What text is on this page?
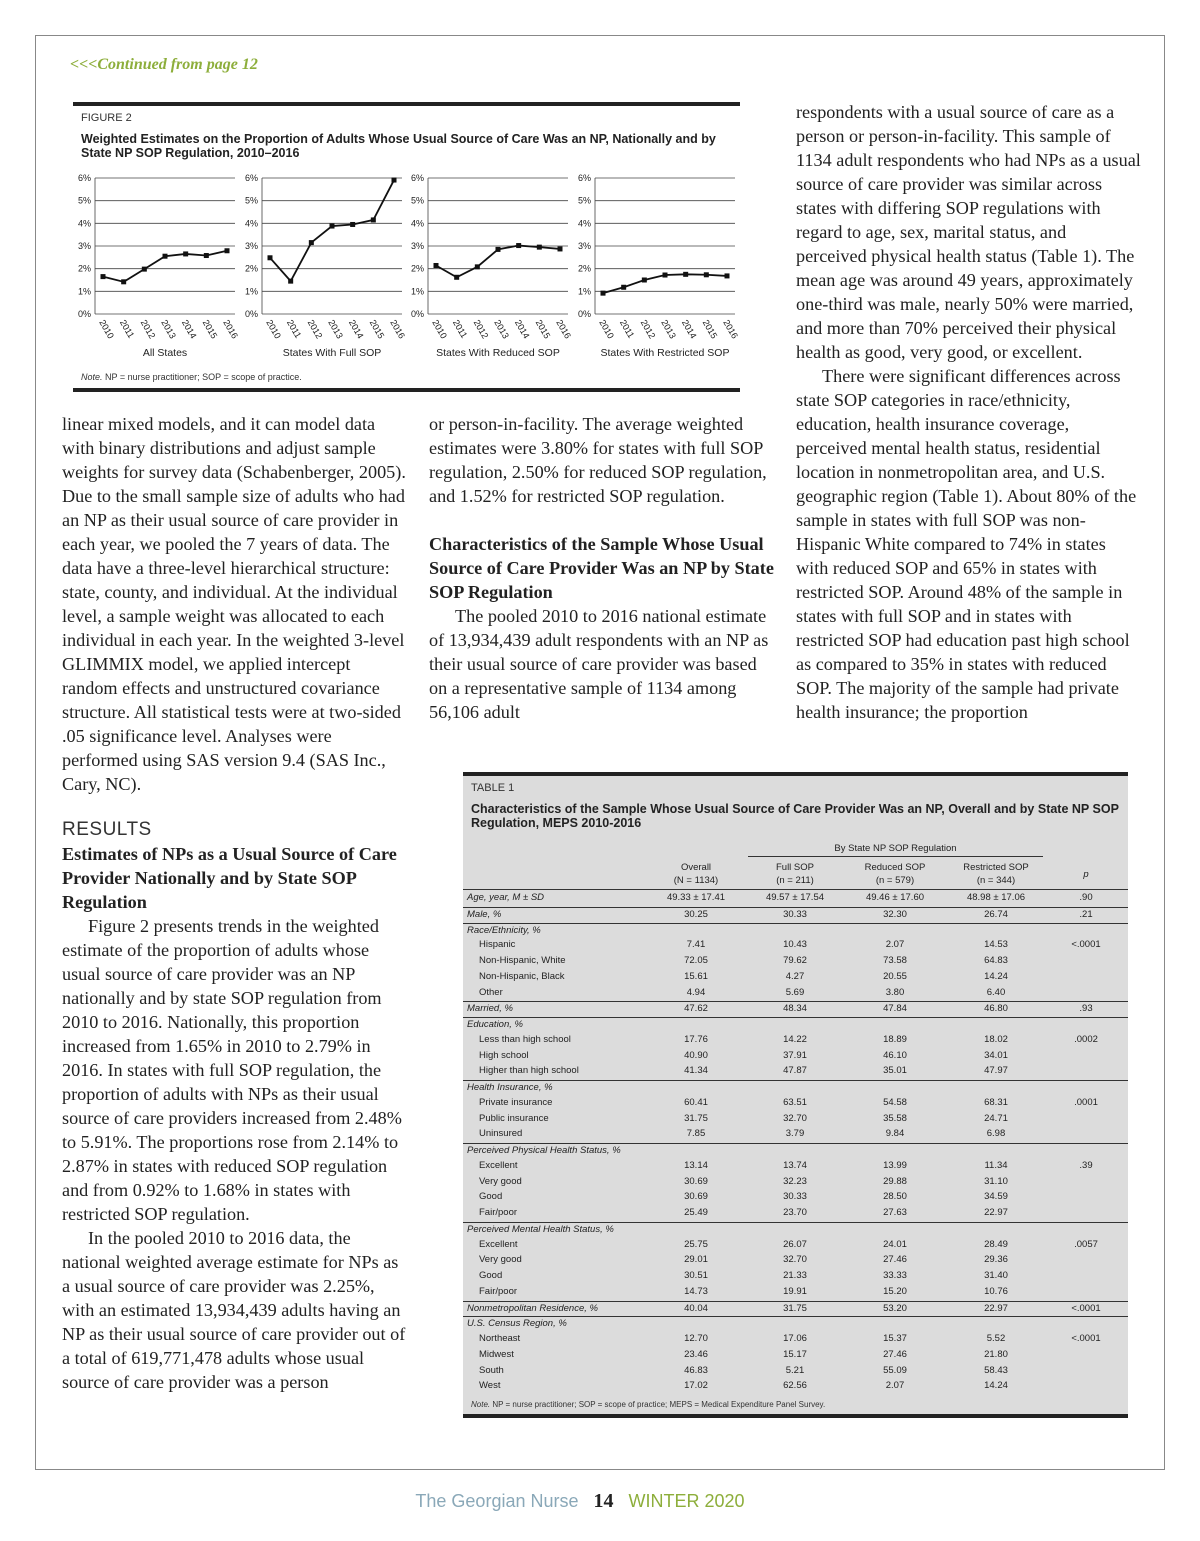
<<<Continued from page 12
FIGURE 2
Weighted Estimates on the Proportion of Adults Whose Usual Source of Care Was an NP, Nationally and by State NP SOP Regulation, 2010–2016
0%
1%
2%
3%
4%
5%
6%
2010 2011 2012 2013 2014 2015 2016
All States
0%
1%
2%
3%
4%
5%
6%
2010 2011 2012 2013 2014 2015 2016
States With Full SOP
0%
1%
2%
3%
4%
5%
6%
2010 2011 2012 2013 2014 2015 2016
States With Reduced SOP
0%
1%
2%
3%
4%
5%
6%
2010 2011 2012 2013 2014 2015 2016
States With Restricted SOP
Note. NP = nurse practitioner; SOP = scope of practice.

linear mixed models, and it can model data with binary distributions and adjust sample weights for survey data (Schabenberger, 2005). Due to the small sample size of adults who had an NP as their usual source of care provider in each year, we pooled the 7 years of data. The data have a three-level hierarchical structure: state, county, and individual. At the individual level, a sample weight was allocated to each individual in each year. In the weighted 3-level GLIMMIX model, we applied intercept random effects and unstructured covariance structure. All statistical tests were at two-sided .05 significance level. Analyses were performed using SAS version 9.4 (SAS Inc., Cary, NC).

RESULTS
Estimates of NPs as a Usual Source of Care Provider Nationally and by State SOP Regulation

Figure 2 presents trends in the weighted estimate of the proportion of adults whose usual source of care provider was an NP nationally and by state SOP regulation from 2010 to 2016. Nationally, this proportion increased from 1.65% in 2010 to 2.79% in 2016. In states with full SOP regulation, the proportion of adults with NPs as their usual source of care providers increased from 2.48% to 5.91%. The proportions rose from 2.14% to 2.87% in states with reduced SOP regulation and from 0.92% to 1.68% in states with restricted SOP regulation.

In the pooled 2010 to 2016 data, the national weighted average estimate for NPs as a usual source of care provider was 2.25%, with an estimated 13,934,439 adults having an NP as their usual source of care provider out of a total of 619,771,478 adults whose usual source of care provider was a person

or person-in-facility. The average weighted estimates were 3.80% for states with full SOP regulation, 2.50% for reduced SOP regulation, and 1.52% for restricted SOP regulation.

Characteristics of the Sample Whose Usual Source of Care Provider Was an NP by State SOP Regulation

The pooled 2010 to 2016 national estimate of 13,934,439 adult respondents with an NP as their usual source of care provider was based on a representative sample of 1134 among 56,106 adult

respondents with a usual source of care as a person or person-in-facility. This sample of 1134 adult respondents who had NPs as a usual source of care provider was similar across states with differing SOP regulations with regard to age, sex, marital status, and perceived physical health status (Table 1). The mean age was around 49 years, approximately one-third was male, nearly 50% were married, and more than 70% perceived their physical health as good, very good, or excellent.

There were significant differences across state SOP categories in race/ethnicity, education, health insurance coverage, perceived mental health status, residential location in nonmetropolitan area, and U.S. geographic region (Table 1). About 80% of the sample in states with full SOP was non-Hispanic White compared to 74% in states with reduced SOP and 65% in states with restricted SOP. Around 48% of the sample in states with full SOP and in states with restricted SOP had education past high school as compared to 35% in states with reduced SOP. The majority of the sample had private health insurance; the proportion

TABLE 1
Characteristics of the Sample Whose Usual Source of Care Provider Was an NP, Overall and by State NP SOP Regulation, MEPS 2010-2016
By State NP SOP Regulation
Overall
(N = 1134)
Full SOP
(n = 211)
Reduced SOP
(n = 579)
Restricted SOP
(n = 344)
p
Age, year, M ± SD	49.33 ± 17.41	49.57 ± 17.54	49.46 ± 17.60	48.98 ± 17.06	.90
Male, %	30.25	30.33	32.30	26.74	.21
Race/Ethnicity, %
Hispanic	7.41	10.43	2.07	14.53	<.0001
Non-Hispanic, White	72.05	79.62	73.58	64.83
Non-Hispanic, Black	15.61	4.27	20.55	14.24
Other	4.94	5.69	3.80	6.40
Married, %	47.62	48.34	47.84	46.80	.93
Education, %
Less than high school	17.76	14.22	18.89	18.02	.0002
High school	40.90	37.91	46.10	34.01
Higher than high school	41.34	47.87	35.01	47.97
Health Insurance, %
Private insurance	60.41	63.51	54.58	68.31	.0001
Public insurance	31.75	32.70	35.58	24.71
Uninsured	7.85	3.79	9.84	6.98
Perceived Physical Health Status, %
Excellent	13.14	13.74	13.99	11.34	.39
Very good	30.69	32.23	29.88	31.10
Good	30.69	30.33	28.50	34.59
Fair/poor	25.49	23.70	27.63	22.97
Perceived Mental Health Status, %
Excellent	25.75	26.07	24.01	28.49	.0057
Very good	29.01	32.70	27.46	29.36
Good	30.51	21.33	33.33	31.40
Fair/poor	14.73	19.91	15.20	10.76
Nonmetropolitan Residence, %	40.04	31.75	53.20	22.97	<.0001
U.S. Census Region, %
Northeast	12.70	17.06	15.37	5.52	<.0001
Midwest	23.46	15.17	27.46	21.80
South	46.83	5.21	55.09	58.43
West	17.02	62.56	2.07	14.24
Note. NP = nurse practitioner; SOP = scope of practice; MEPS = Medical Expenditure Panel Survey.
The Georgian Nurse 14 WINTER 2020
